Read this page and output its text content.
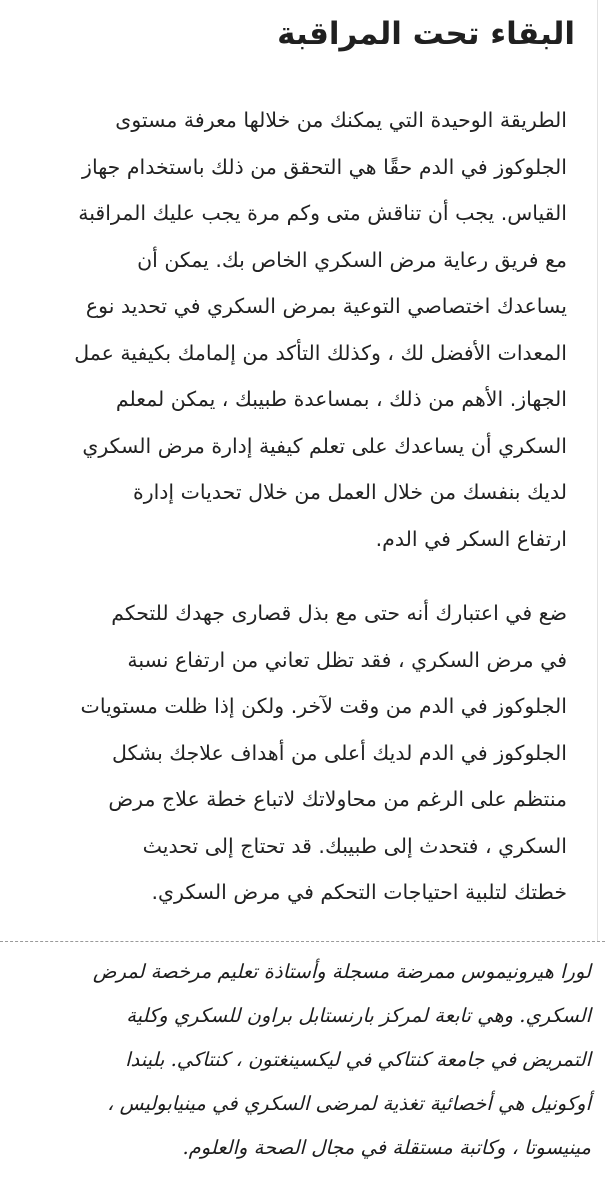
البقاء تحت المراقبة
الطريقة الوحيدة التي يمكنك من خلالها معرفة مستوى
الجلوكوز في الدم حقًا هي التحقق من ذلك باستخدام جهاز
القياس. يجب أن تناقش متى وكم مرة يجب عليك المراقبة
مع فريق رعاية مرض السكري الخاص بك. يمكن أن
يساعدك اختصاصي التوعية بمرض السكري في تحديد نوع
المعدات الأفضل لك ، وكذلك التأكد من إلمامك بكيفية عمل
الجهاز. الأهم من ذلك ، بمساعدة طبيبك ، يمكن لمعلم
السكري أن يساعدك على تعلم كيفية إدارة مرض السكري
لديك بنفسك من خلال العمل من خلال تحديات إدارة
ارتفاع السكر في الدم.
ضع في اعتبارك أنه حتى مع بذل قصارى جهدك للتحكم
في مرض السكري ، فقد تظل تعاني من ارتفاع نسبة
الجلوكوز في الدم من وقت لآخر. ولكن إذا ظلت مستويات
الجلوكوز في الدم لديك أعلى من أهداف علاجك بشكل
منتظم على الرغم من محاولاتك لاتباع خطة علاج مرض
السكري ، فتحدث إلى طبيبك. قد تحتاج إلى تحديث
خطتك لتلبية احتياجات التحكم في مرض السكري.
لورا هيرونيموس ممرضة مسجلة وأستاذة تعليم مرخصة لمرض
السكري. وهي تابعة لمركز بارنستابل براون للسكري وكلية
التمريض في جامعة كنتاكي في ليكسينغتون ، كنتاكي. بليندا
أوكونيل هي أخصائية تغذية لمرضى السكري في مينيابوليس ،
مينيسوتا ، وكاتبة مستقلة في مجال الصحة والعلوم.
